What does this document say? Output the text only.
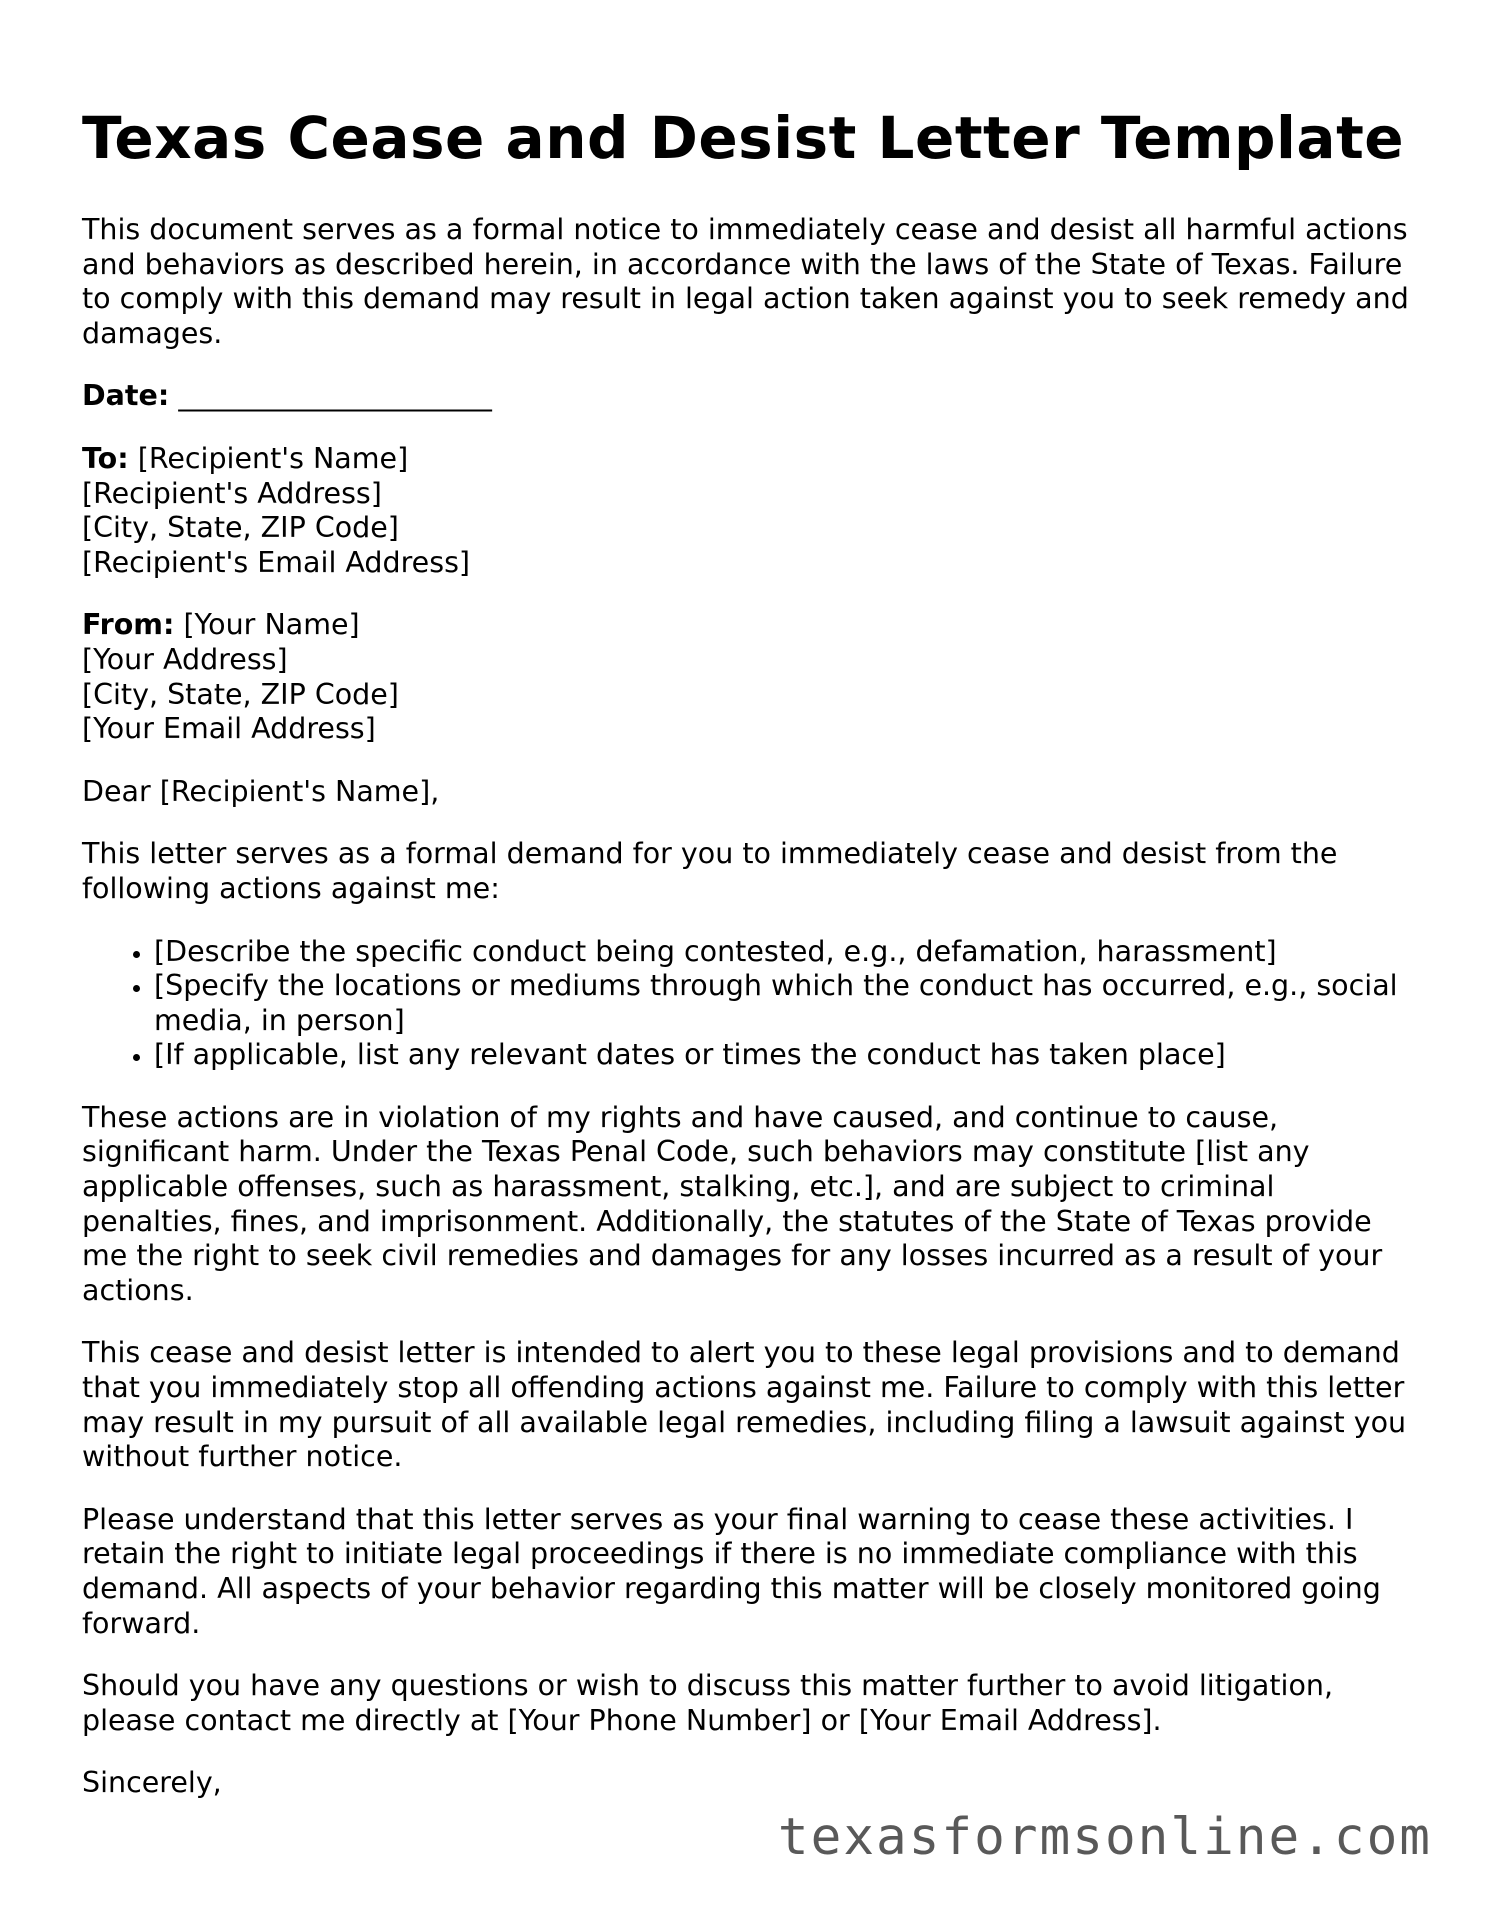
Texas Cease and Desist Letter Template

This document serves as a formal notice to immediately cease and desist all harmful actions and behaviors as described herein, in accordance with the laws of the State of Texas. Failure to comply with this demand may result in legal action taken against you to seek remedy and damages.

Date: ______________________
To: [Recipient's Name]
[Recipient's Address]
[City, State, ZIP Code]
[Recipient's Email Address]
From: [Your Name]
[Your Address]
[City, State, ZIP Code]
[Your Email Address]

Dear [Recipient's Name],

This letter serves as a formal demand for you to immediately cease and desist from the following actions against me:

• [Describe the specific conduct being contested, e.g., defamation, harassment]
• [Specify the locations or mediums through which the conduct has occurred, e.g., social media, in person]
• [If applicable, list any relevant dates or times the conduct has taken place]

These actions are in violation of my rights and have caused, and continue to cause, significant harm. Under the Texas Penal Code, such behaviors may constitute [list any applicable offenses, such as harassment, stalking, etc.], and are subject to criminal penalties, fines, and imprisonment. Additionally, the statutes of the State of Texas provide me the right to seek civil remedies and damages for any losses incurred as a result of your actions.

This cease and desist letter is intended to alert you to these legal provisions and to demand that you immediately stop all offending actions against me. Failure to comply with this letter may result in my pursuit of all available legal remedies, including filing a lawsuit against you without further notice.

Please understand that this letter serves as your final warning to cease these activities. I retain the right to initiate legal proceedings if there is no immediate compliance with this demand. All aspects of your behavior regarding this matter will be closely monitored going forward.

Should you have any questions or wish to discuss this matter further to avoid litigation, please contact me directly at [Your Phone Number] or [Your Email Address].

Sincerely,

texasformsonline.com
